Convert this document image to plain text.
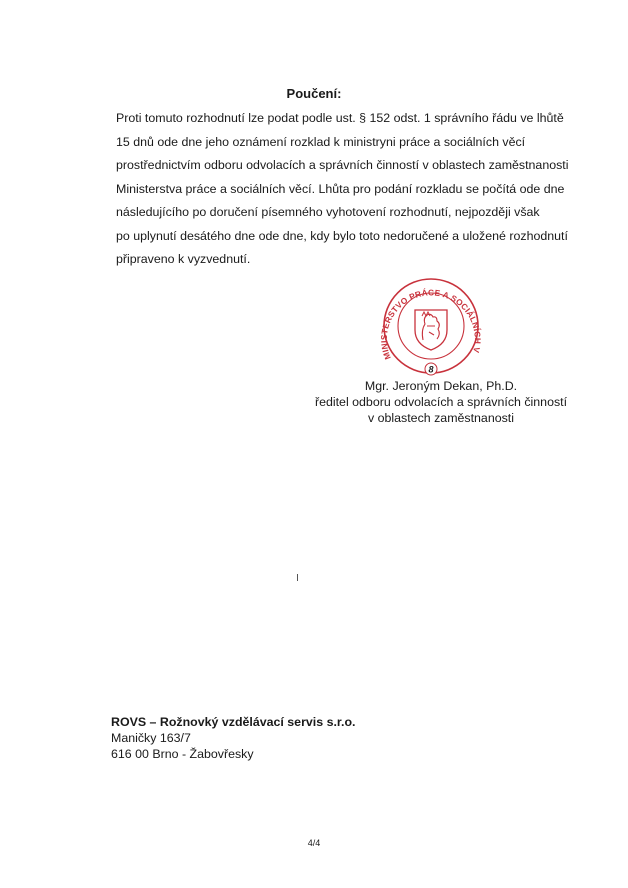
Poučení:
Proti tomuto rozhodnutí lze podat podle ust. § 152 odst. 1 správního řádu ve lhůtě
15 dnů ode dne jeho oznámení rozklad k ministryni práce a sociálních věcí
prostřednictvím odboru odvolacích a správních činností v oblastech zaměstnanosti
Ministerstva práce a sociálních věcí. Lhůta pro podání rozkladu se počítá ode dne
následujícího po doručení písemného vyhotovení rozhodnutí, nejpozději však
po uplynutí desátého dne ode dne, kdy bylo toto nedoručené a uložené rozhodnutí
připraveno k vyzvednutí.
MINISTERSTVO PRÁCE A SOCIÁLNÍCH V
8
Mgr. Jeroným Dekan, Ph.D.
ředitel odboru odvolacích a správních činností
v oblastech zaměstnanosti
ROVS – Rožnovký vzdělávací servis s.r.o.
Maničky 163/7
616 00 Brno - Žabovřesky
4/4
